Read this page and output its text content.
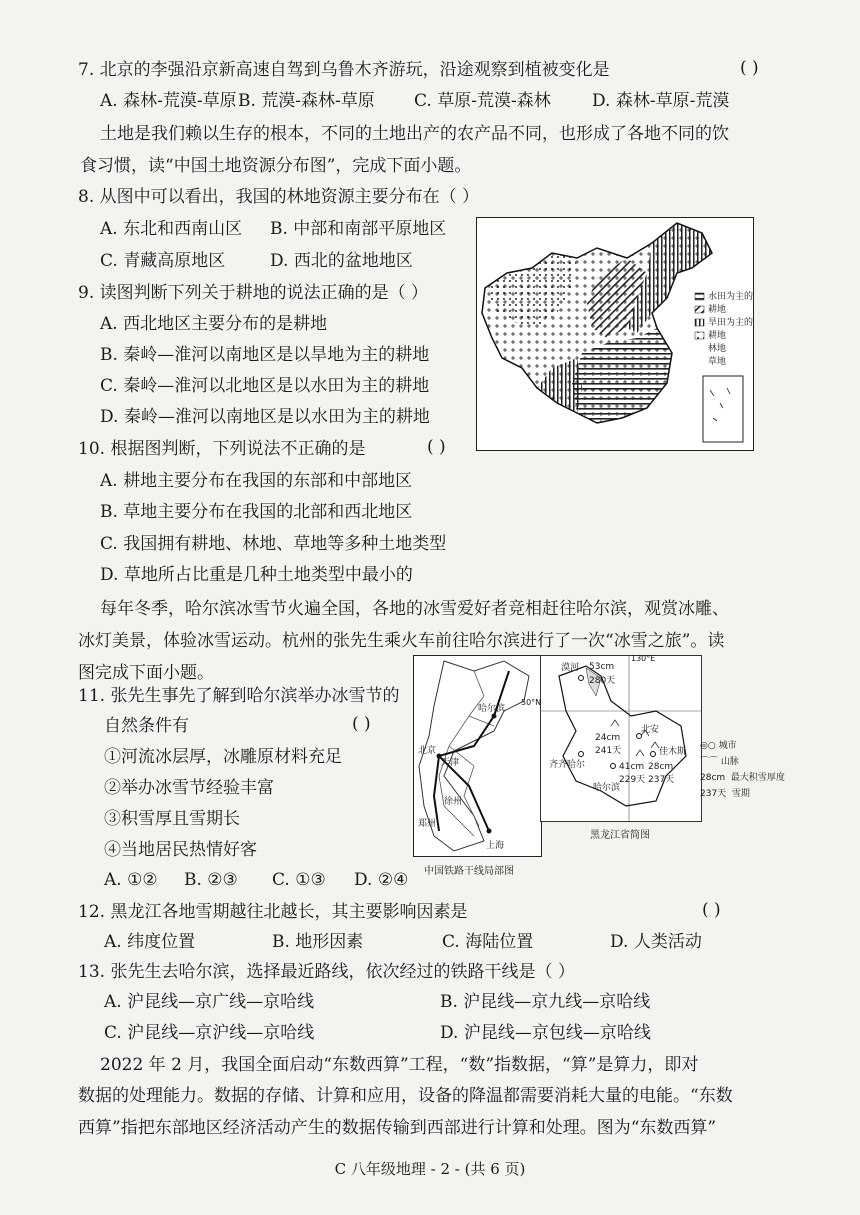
7. 北京的李强沿京新高速自驾到乌鲁木齐游玩，沿途观察到植被变化是	( )
A. 森林-荒漠-草原B. 荒漠-森林-草原 C. 草原-荒漠-森林 D. 森林-草原-荒漠
土地是我们赖以生存的根本，不同的土地出产的农产品不同，也形成了各地不同的饮
食习惯，读“中国土地资源分布图”，完成下面小题。
8. 从图中可以看出，我国的林地资源主要分布在（ ）
A. 东北和西南山区 B. 中部和南部平原地区
C. 青藏高原地区	D. 西北的盆地地区
9. 读图判断下列关于耕地的说法正确的是（ ）
A. 西北地区主要分布的是耕地
B. 秦岭—淮河以南地区是以旱地为主的耕地
C. 秦岭—淮河以北地区是以水田为主的耕地
D. 秦岭—淮河以南地区是以水田为主的耕地
10. 根据图判断，下列说法不正确的是	( )
A. 耕地主要分布在我国的东部和中部地区
B. 草地主要分布在我国的北部和西北地区
C. 我国拥有耕地、林地、草地等多种土地类型
D. 草地所占比重是几种土地类型中最小的
水田为主的耕地
旱田为主的耕地
林地
草地
每年冬季，哈尔滨冰雪节火遍全国，各地的冰雪爱好者竞相赶往哈尔滨，观赏冰雕、
冰灯美景，体验冰雪运动。杭州的张先生乘火车前往哈尔滨进行了一次“冰雪之旅”。读
图完成下面小题。
11. 张先生事先了解到哈尔滨举办冰雪节的
自然条件有	( )
①河流冰层厚，冰雕原材料充足
②举办冰雪节经验丰富
③积雪厚且雪期长
④当地居民热情好客
A. ①② B. ②③ C. ①③ D. ②④
哈尔滨
北京
天津
徐州
郑州
上海
中国铁路干线局部图
130°E
50°N
漠河 53cm
280天
北安
24cm
241天
齐齐哈尔	28cm
237天
41cm
229天
哈尔滨
佳木斯
◎○ 城市
⌒⌒ 山脉
28cm  最大积雪厚度
237天  雪期
黑龙江省简图
12. 黑龙江各地雪期越往北越长，其主要影响因素是	( )
A. 纬度位置	B. 地形因素	C. 海陆位置	D. 人类活动
13. 张先生去哈尔滨，选择最近路线，依次经过的铁路干线是（ ）
A. 沪昆线—京广线—京哈线	B. 沪昆线—京九线—京哈线
C. 沪昆线—京沪线—京哈线	D. 沪昆线—京包线—京哈线
2022 年 2 月，我国全面启动“东数西算”工程，“数”指数据，“算”是算力，即对
数据的处理能力。数据的存储、计算和应用，设备的降温都需要消耗大量的电能。“东数
西算”指把东部地区经济活动产生的数据传输到西部进行计算和处理。图为“东数西算”
C 八年级地理 - 2 - (共 6 页)
